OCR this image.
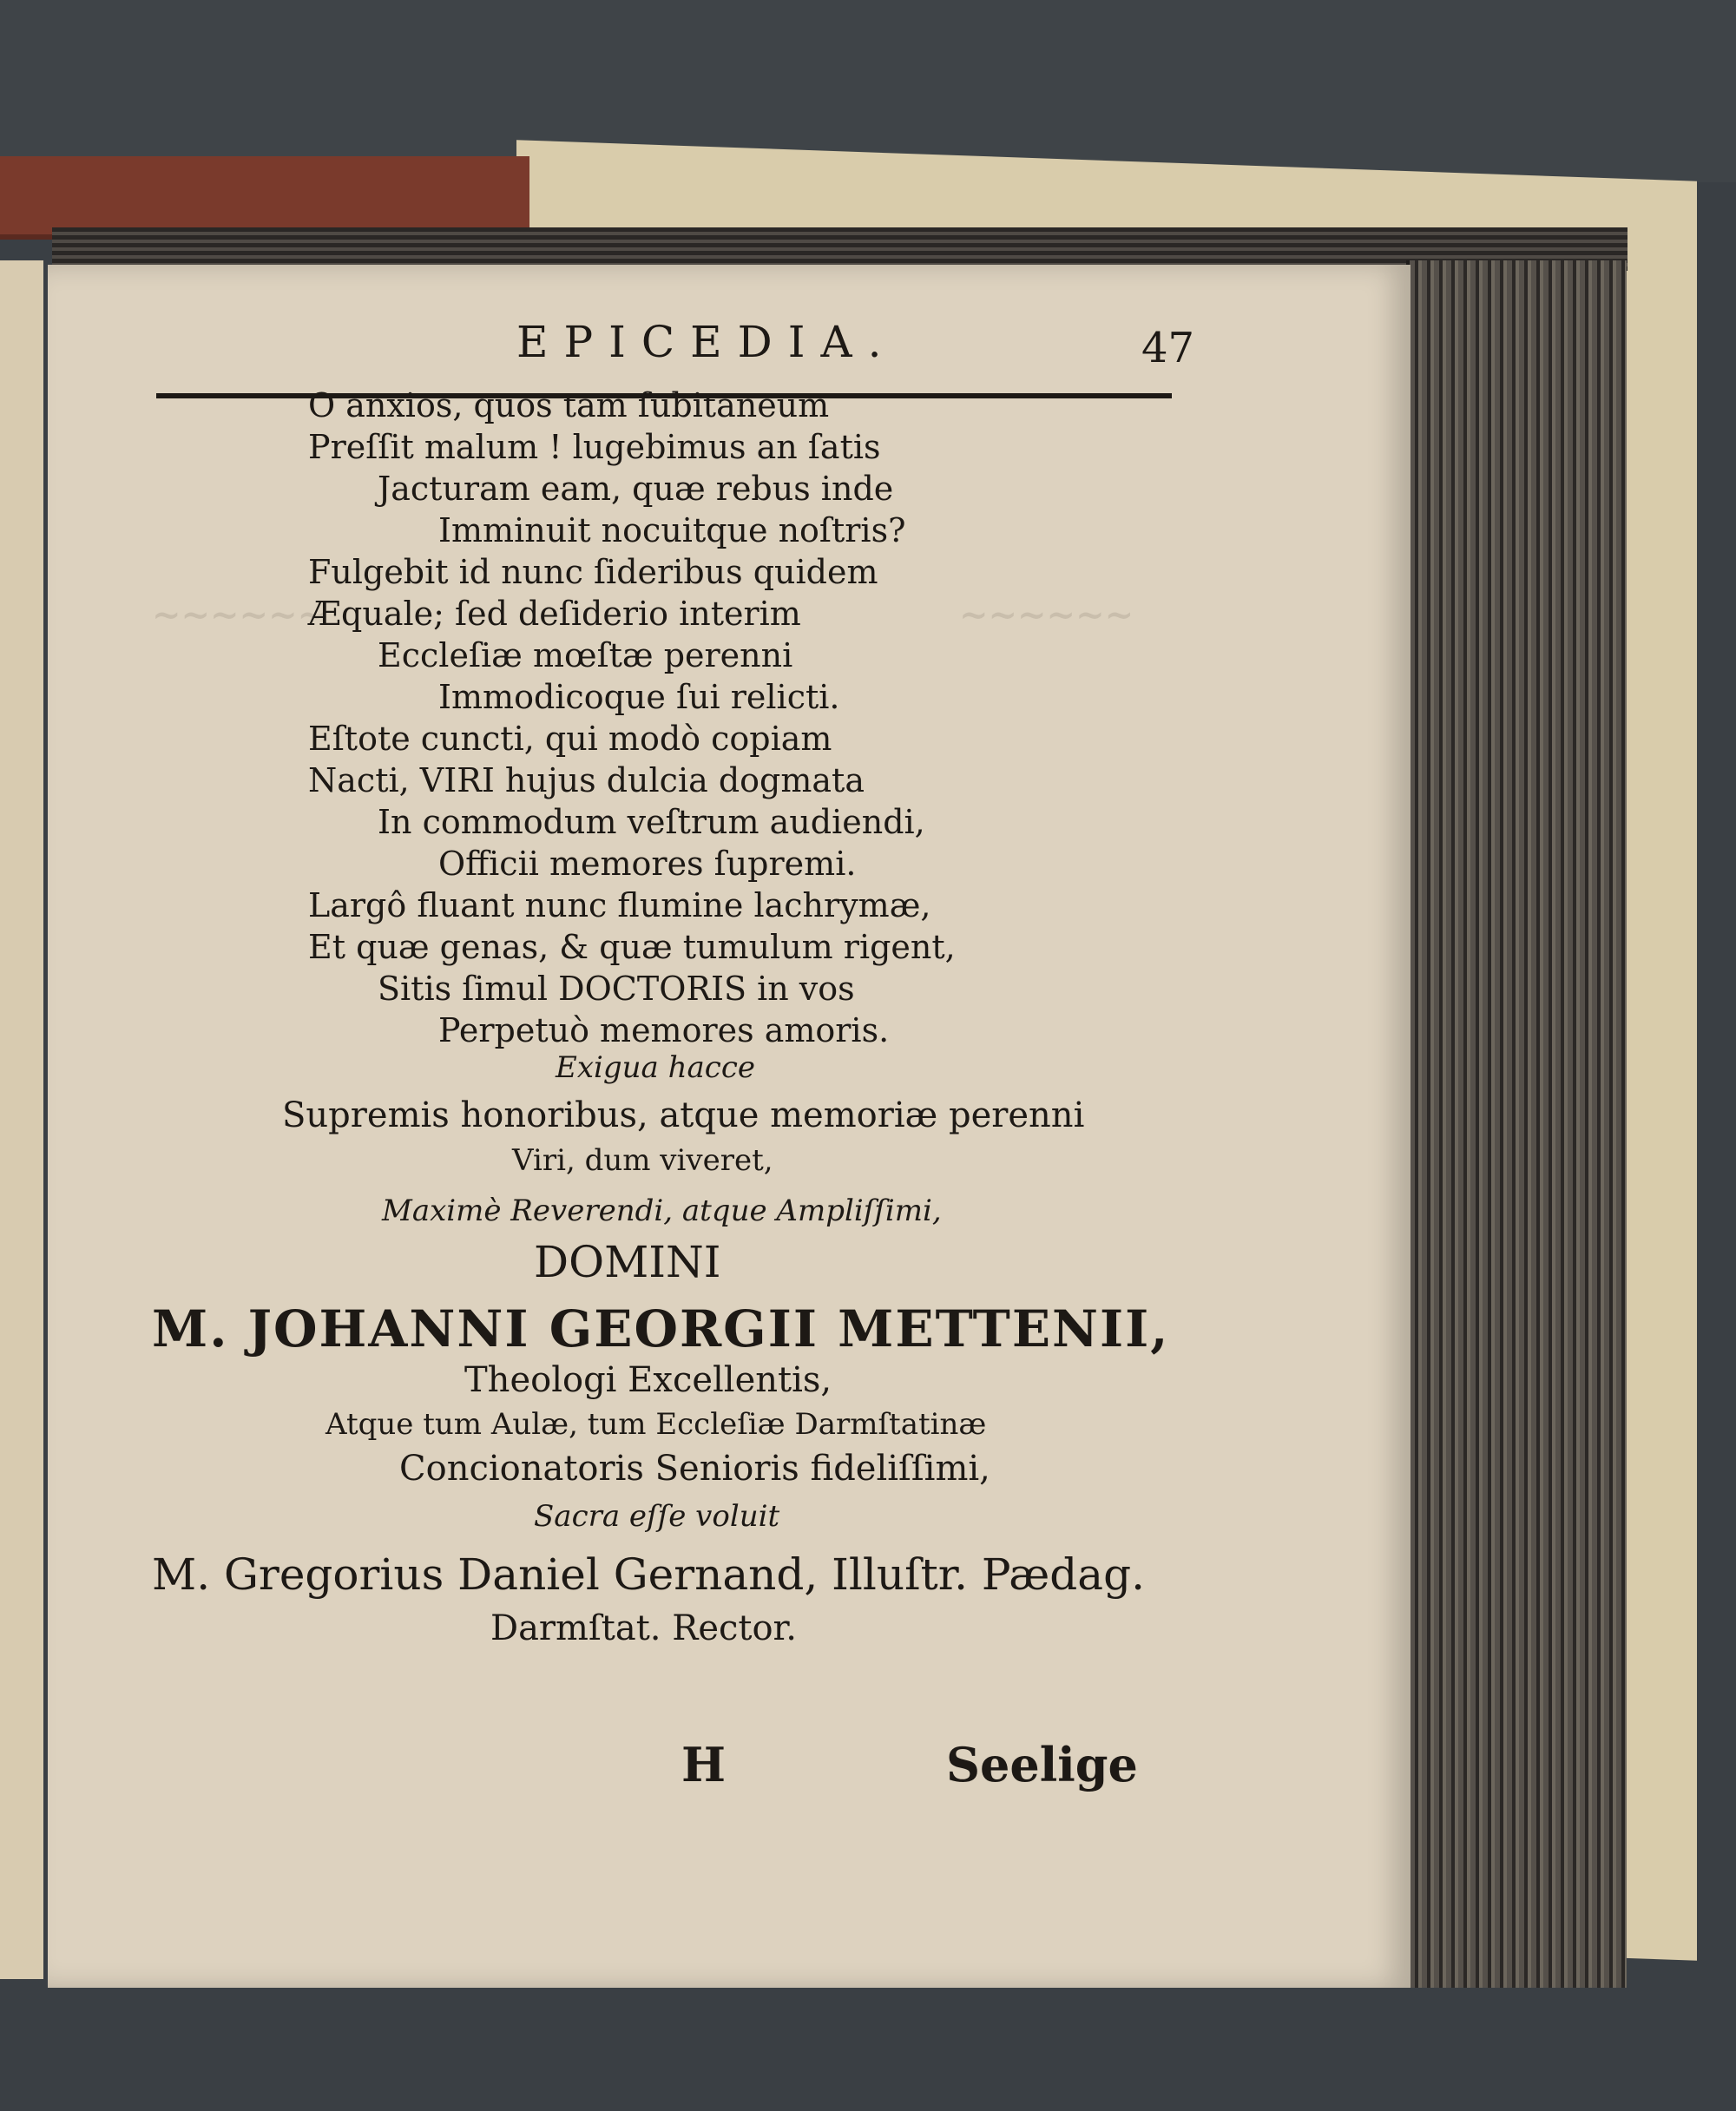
~~~~~~
~~~~~~
EPICEDIA.	47
O anxios, quos tam ſubitaneum
Preſſit malum ! lugebimus an ſatis
Jacturam eam, quæ rebus inde
Imminuit nocuitque noſtris?
Fulgebit id nunc ſideribus quidem
Æquale; ſed deſiderio interim
Eccleſiæ mœſtæ perenni
Immodicoque ſui relicti.
Eſtote cuncti, qui modò copiam
Nacti, VIRI hujus dulcia dogmata
In commodum veſtrum audiendi,
Officii memores ſupremi.
Largô fluant nunc flumine lachrymæ,
Et quæ genas, & quæ tumulum rigent,
Sitis ſimul DOCTORIS in vos
Perpetuò memores amoris.
Exigua hacce
Supremis honoribus, atque memoriæ perenni
Viri, dum viveret,
Maximè Reverendi, atque Ampliſſimi,
DOMINI
M. JOHANNI GEORGII METTENII,
Theologi Excellentis,
Atque tum Aulæ, tum Eccleſiæ Darmſtatinæ
Concionatoris Senioris fideliſſimi,
Sacra eſſe voluit
M. Gregorius Daniel Gernand, Illuſtr. Pædag.
Darmſtat. Rector.
H	Seelige
